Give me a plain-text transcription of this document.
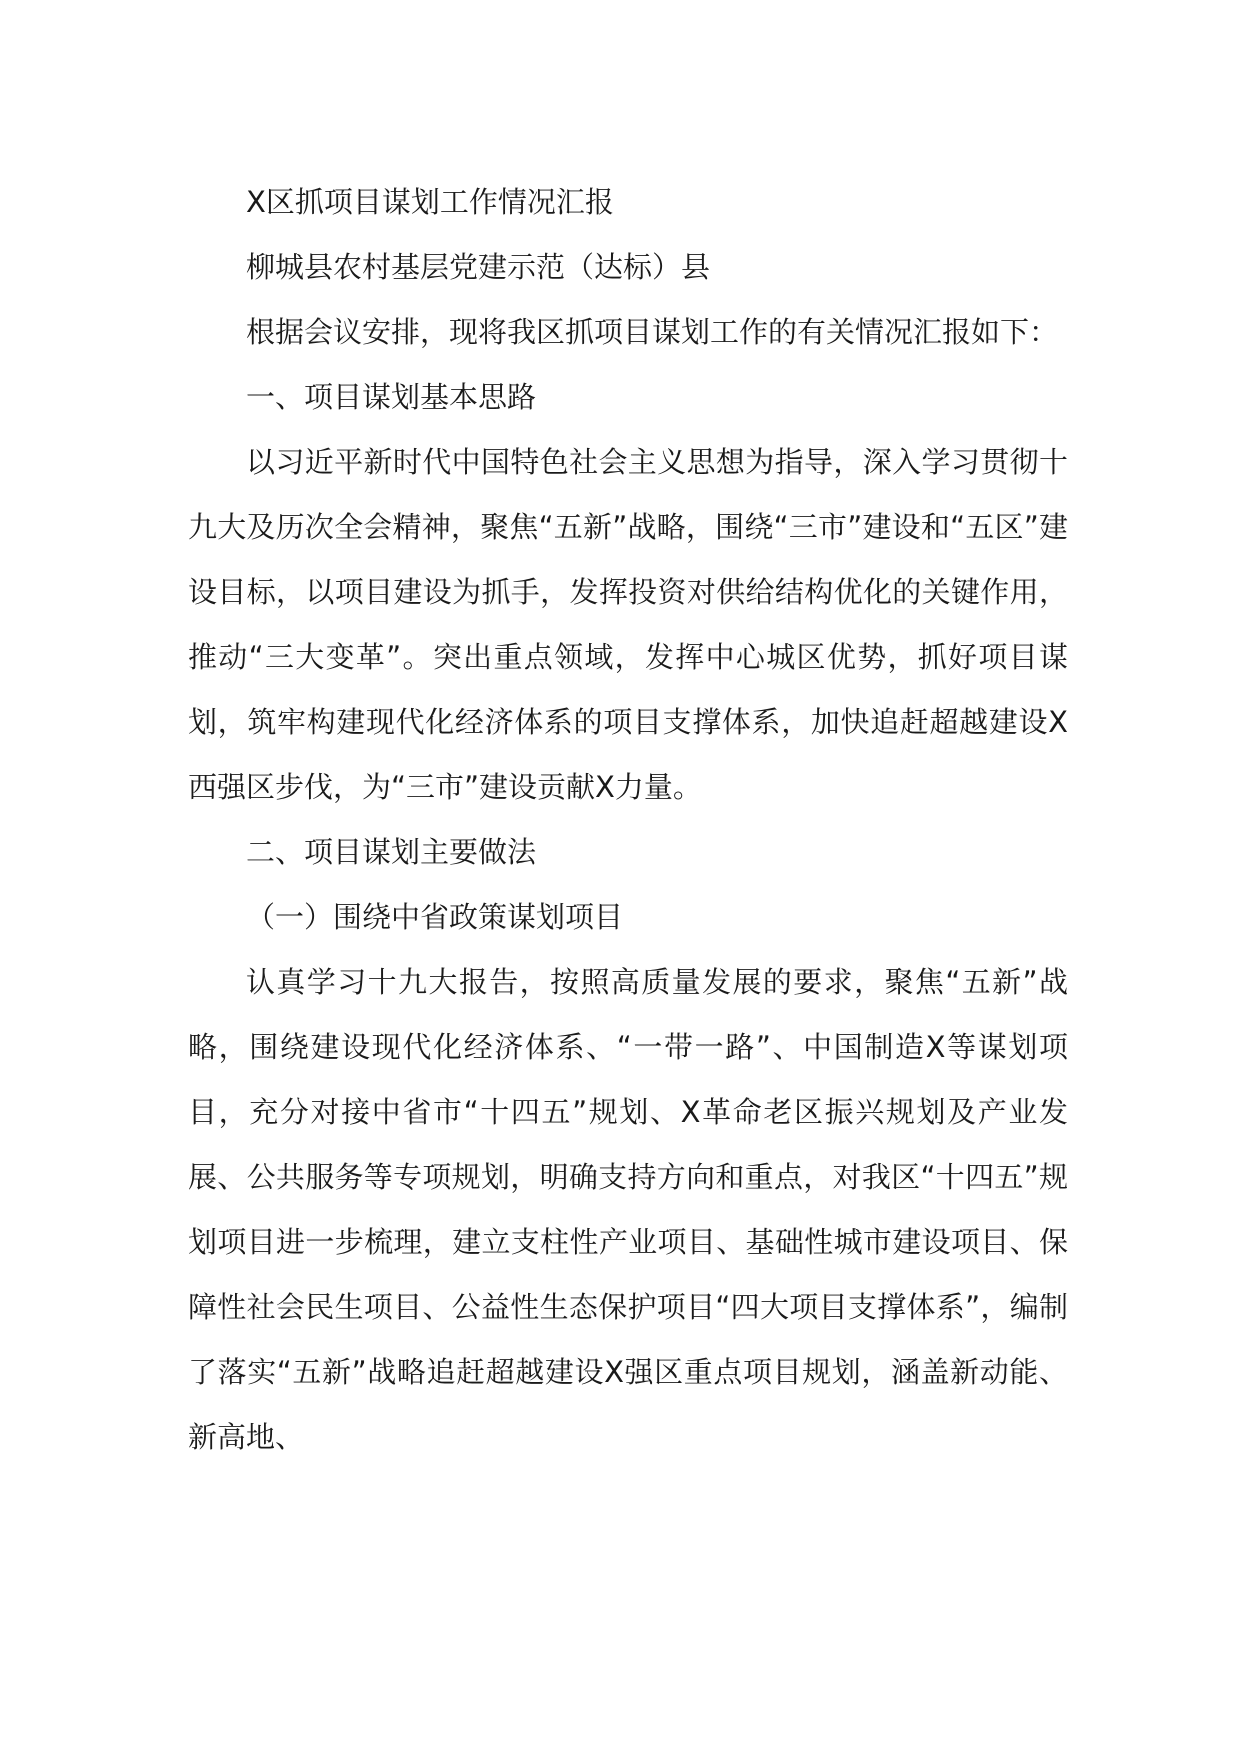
X区抓项目谋划工作情况汇报

柳城县农村基层党建示范（达标）县

根据会议安排，现将我区抓项目谋划工作的有关情况汇报如下：

一、项目谋划基本思路

以习近平新时代中国特色社会主义思想为指导，深入学习贯彻十九大及历次全会精神，聚焦“五新”战略，围绕“三市”建设和“五区”建设目标，以项目建设为抓手，发挥投资对供给结构优化的关键作用，推动“三大变革”。突出重点领域，发挥中心城区优势，抓好项目谋划，筑牢构建现代化经济体系的项目支撑体系，加快追赶超越建设X西强区步伐，为“三市”建设贡献X力量。

二、项目谋划主要做法

（一）围绕中省政策谋划项目

认真学习十九大报告，按照高质量发展的要求，聚焦“五新”战略，围绕建设现代化经济体系、“一带一路”、中国制造X等谋划项目，充分对接中省市“十四五”规划、X革命老区振兴规划及产业发展、公共服务等专项规划，明确支持方向和重点，对我区“十四五”规划项目进一步梳理，建立支柱性产业项目、基础性城市建设项目、保障性社会民生项目、公益性生态保护项目“四大项目支撑体系”，编制了落实“五新”战略追赶超越建设X强区重点项目规划，涵盖新动能、新高地、
